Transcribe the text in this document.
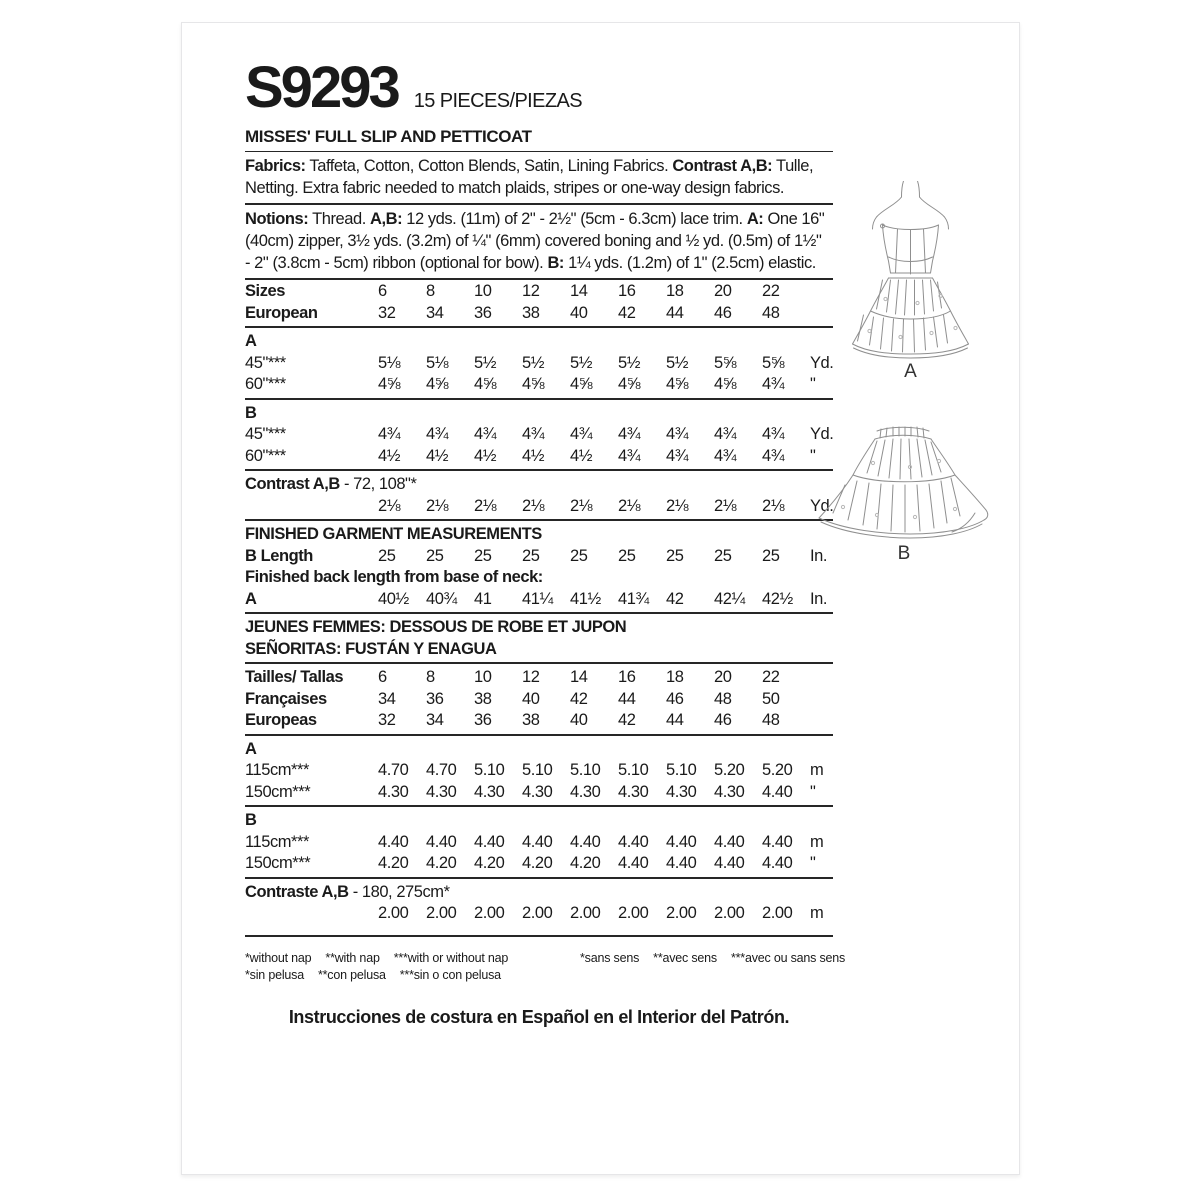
S9293 15 PIECES/PIEZAS
MISSES' FULL SLIP AND PETTICOAT
Fabrics: Taffeta, Cotton, Cotton Blends, Satin, Lining Fabrics. Contrast A,B: Tulle,
Netting. Extra fabric needed to match plaids, stripes or one-way design fabrics.
Notions: Thread. A,B: 12 yds. (11m) of 2" - 2½" (5cm - 6.3cm) lace trim. A: One 16"
(40cm) zipper, 3½ yds. (3.2m) of ¼" (6mm) covered boning and ½ yd. (0.5m) of 1½"
- 2" (3.8cm - 5cm) ribbon (optional for bow). B: 1¼ yds. (1.2m) of 1" (2.5cm) elastic.
Sizes	6	8	10	12	14	16	18	20	22
European	32	34	36	38	40	42	44	46	48
A
45"***	5⅛	5⅛	5½	5½	5½	5½	5½	5⅝	5⅝	Yd.
60"***	4⅝	4⅝	4⅝	4⅝	4⅝	4⅝	4⅝	4⅝	4¾	"
B
45"***	4¾	4¾	4¾	4¾	4¾	4¾	4¾	4¾	4¾	Yd.
60"***	4½	4½	4½	4½	4½	4¾	4¾	4¾	4¾	"
Contrast A,B - 72, 108"*
2⅛	2⅛	2⅛	2⅛	2⅛	2⅛	2⅛	2⅛	2⅛	Yd.
FINISHED GARMENT MEASUREMENTS
B Length	25	25	25	25	25	25	25	25	25	In.
Finished back length from base of neck:
A	40½	40¾	41	41¼	41½	41¾	42	42¼	42½	In.
JEUNES FEMMES: DESSOUS DE ROBE ET JUPON
SEÑORITAS: FUSTÁN Y ENAGUA
Tailles/ Tallas	6	8	10	12	14	16	18	20	22
Françaises	34	36	38	40	42	44	46	48	50
Europeas	32	34	36	38	40	42	44	46	48
A
115cm***	4.70	4.70	5.10	5.10	5.10	5.10	5.10	5.20	5.20	m
150cm***	4.30	4.30	4.30	4.30	4.30	4.30	4.30	4.30	4.40	"
B
115cm***	4.40	4.40	4.40	4.40	4.40	4.40	4.40	4.40	4.40	m
150cm***	4.20	4.20	4.20	4.20	4.20	4.40	4.40	4.40	4.40	"
Contraste A,B - 180, 275cm*
2.00	2.00	2.00	2.00	2.00	2.00	2.00	2.00	2.00	m
*without nap **with nap ***with or without nap
*sin pelusa **con pelusa ***sin o con pelusa
*sans sens **avec sens ***avec ou sans sens
Instrucciones de costura en Español en el Interior del Patrón.
A
B
